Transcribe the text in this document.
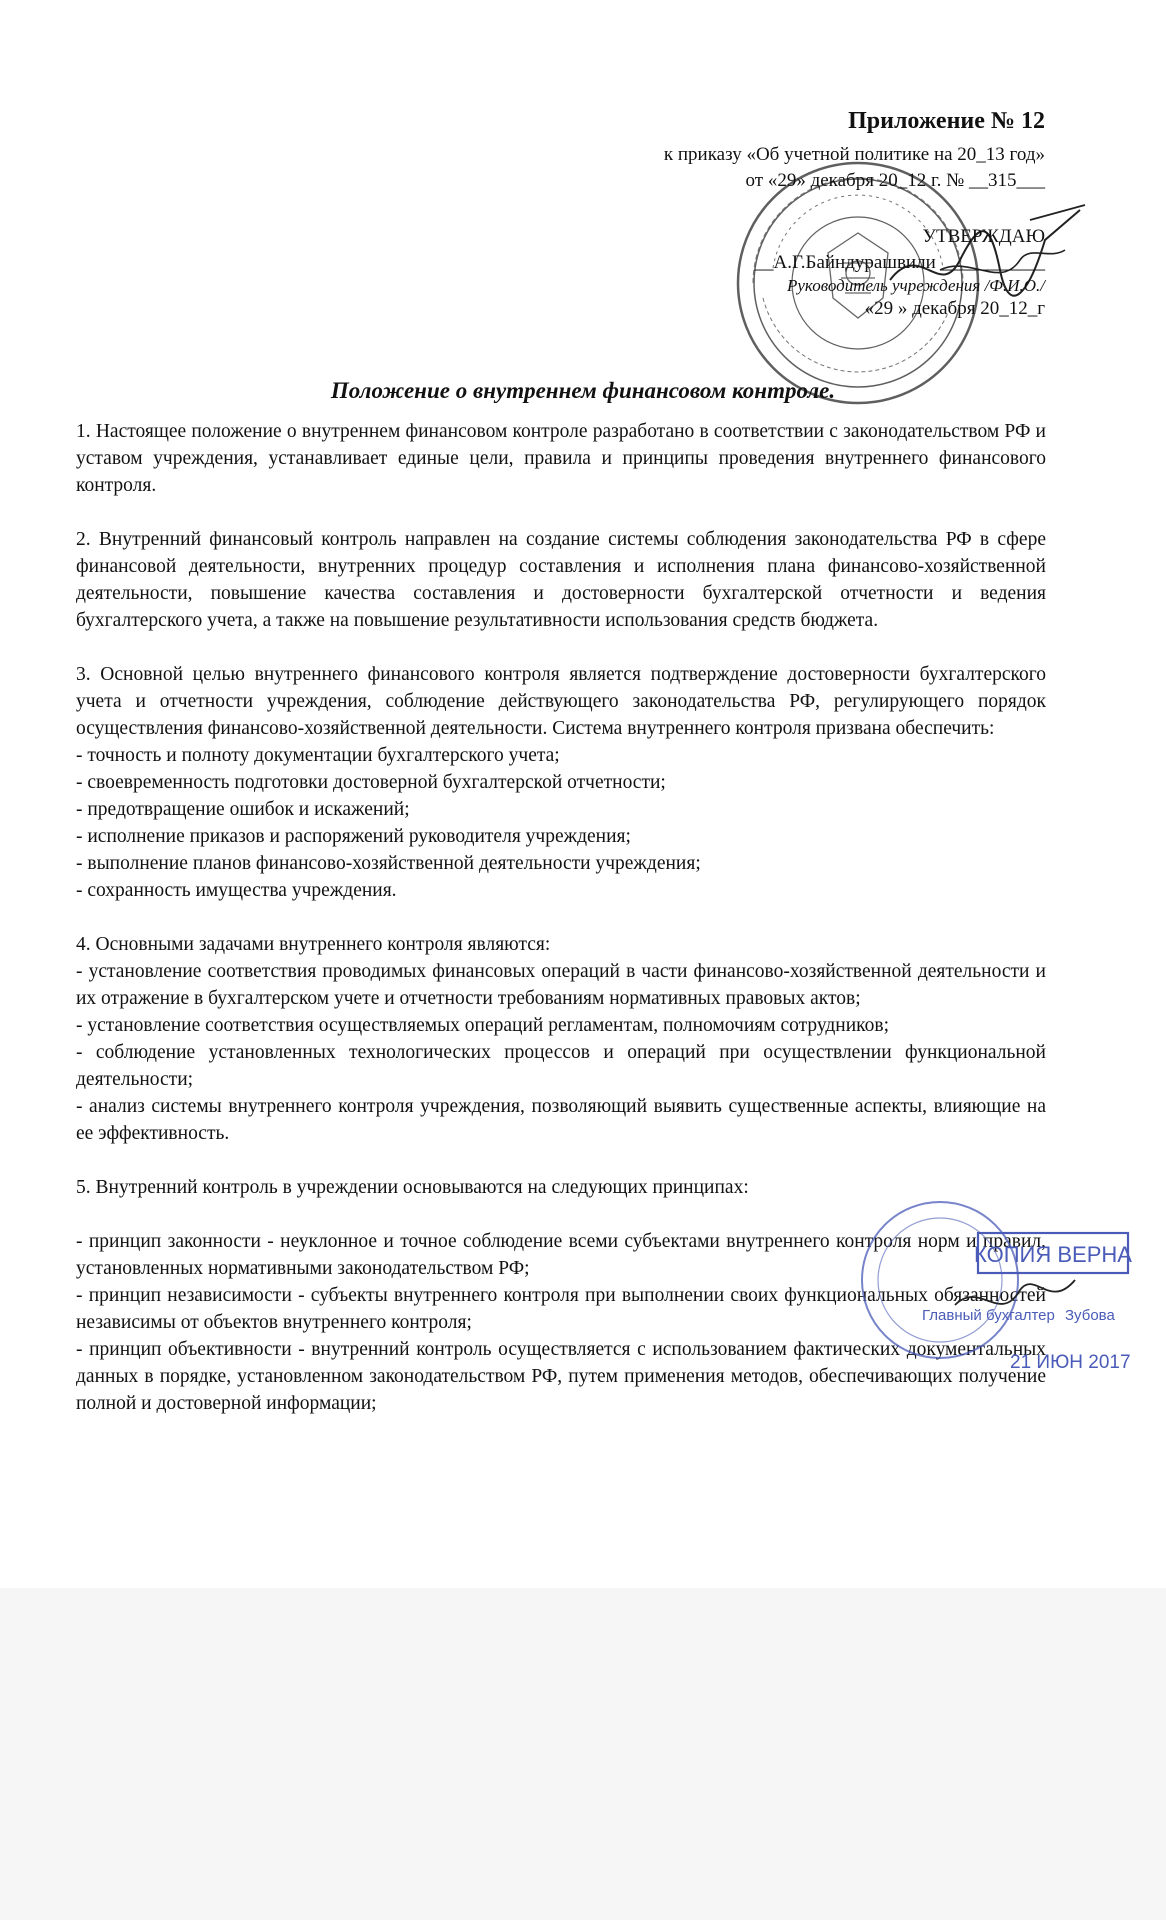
Приложение № 12
к приказу «Об учетной политике на 20_13 год»
от «29» декабря 20_12 г. № __315___
УТВЕРЖДАЮ
__А.Г.Байндурашвили ___________
Руководитель учреждения /Ф.И.О./
«29 » декабря 20_12_г
Положение о внутреннем финансовом контроле.

1. Настоящее положение о внутреннем финансовом контроле разработано в соответствии с законодательством РФ и уставом учреждения, устанавливает единые цели, правила и принципы проведения внутреннего финансового контроля.

2. Внутренний финансовый контроль направлен на создание системы соблюдения законодательства РФ в сфере финансовой деятельности, внутренних процедур составления и исполнения плана финансово-хозяйственной деятельности, повышение качества составления и достоверности бухгалтерской отчетности и ведения бухгалтерского учета, а также на повышение результативности использования средств бюджета.

3. Основной целью внутреннего финансового контроля является подтверждение достоверности бухгалтерского учета и отчетности учреждения, соблюдение действующего законодательства РФ, регулирующего порядок осуществления финансово-хозяйственной деятельности. Система внутреннего контроля призвана обеспечить:

- точность и полноту документации бухгалтерского учета;

- своевременность подготовки достоверной бухгалтерской отчетности;

- предотвращение ошибок и искажений;

- исполнение приказов и распоряжений руководителя учреждения;

- выполнение планов финансово-хозяйственной деятельности учреждения;

- сохранность имущества учреждения.

4. Основными задачами внутреннего контроля являются:

- установление соответствия проводимых финансовых операций в части финансово-хозяйственной деятельности и их отражение в бухгалтерском учете и отчетности требованиям нормативных правовых актов;

- установление соответствия осуществляемых операций регламентам, полномочиям сотрудников;

- соблюдение установленных технологических процессов и операций при осуществлении функциональной деятельности;

- анализ системы внутреннего контроля учреждения, позволяющий выявить существенные аспекты, влияющие на ее эффективность.

5. Внутренний контроль в учреждении основываются на следующих принципах:

- принцип законности - неуклонное и точное соблюдение всеми субъектами внутреннего контроля норм и правил, установленных нормативными законодательством РФ;

- принцип независимости - субъекты внутреннего контроля при выполнении своих функциональных обязанностей независимы от объектов внутреннего контроля;

- принцип объективности - внутренний контроль осуществляется с использованием фактических документальных данных в порядке, установленном законодательством РФ, путем применения методов, обеспечивающих получение полной и достоверной информации;

КОПИЯ ВЕРНА
Главный бухгалтер Зубова
21 ИЮН 2017
